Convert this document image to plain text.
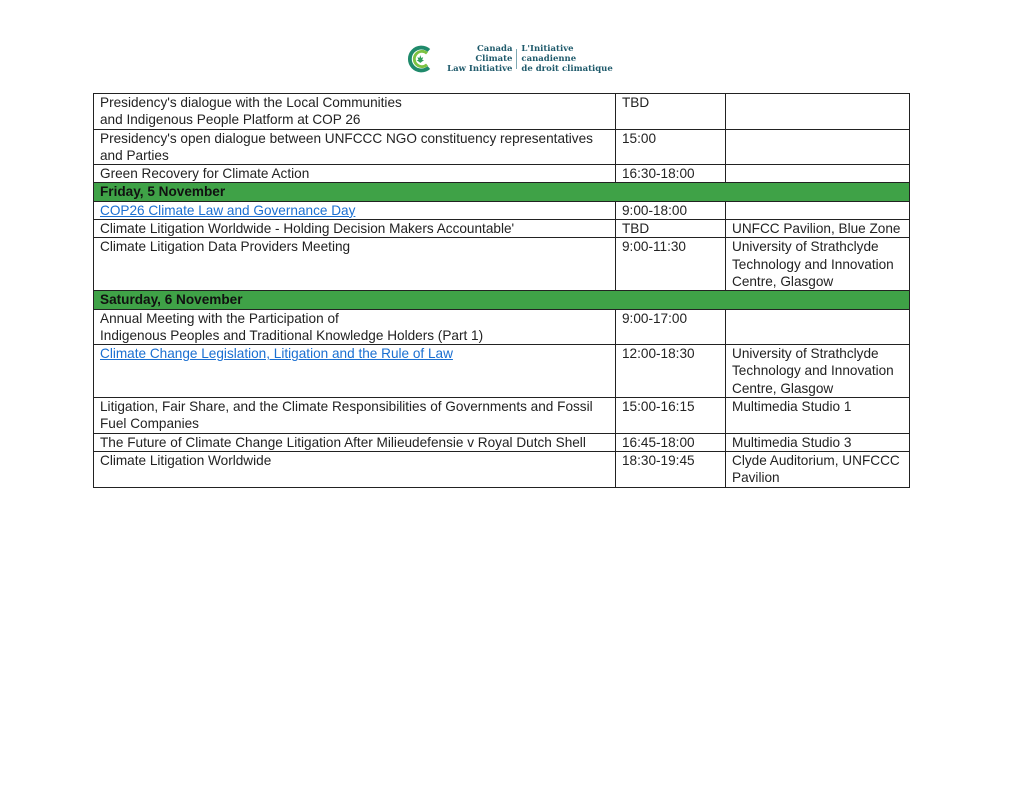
Canada Climate
Law Initiative
L'Initiative canadienne
de droit climatique
Presidency's dialogue with the Local Communities
and Indigenous People Platform at COP 26	TBD	

Presidency's open dialogue between UNFCCC NGO constituency representatives
and Parties	15:00	

Green Recovery for Climate Action	16:30-18:00	
Friday, 5 November		

COP26 Climate Law and Governance Day	9:00-18:00	

Climate Litigation Worldwide - Holding Decision Makers Accountable'	TBD	UNFCC Pavilion, Blue Zone

Climate Litigation Data Providers Meeting	9:00-11:30	University of Strathclyde Technology and Innovation Centre, Glasgow
Saturday, 6 November		

Annual Meeting with the Participation of
Indigenous Peoples and Traditional Knowledge Holders (Part 1)	9:00-17:00	

Climate Change Legislation, Litigation and the Rule of Law	12:00-18:30	University of Strathclyde Technology and Innovation Centre, Glasgow

Litigation, Fair Share, and the Climate Responsibilities of Governments and Fossil Fuel Companies	15:00-16:15	Multimedia Studio 1

The Future of Climate Change Litigation After Milieudefensie v Royal Dutch Shell	16:45-18:00	Multimedia Studio 3

Climate Litigation Worldwide	18:30-19:45	Clyde Auditorium, UNFCCC Pavilion
